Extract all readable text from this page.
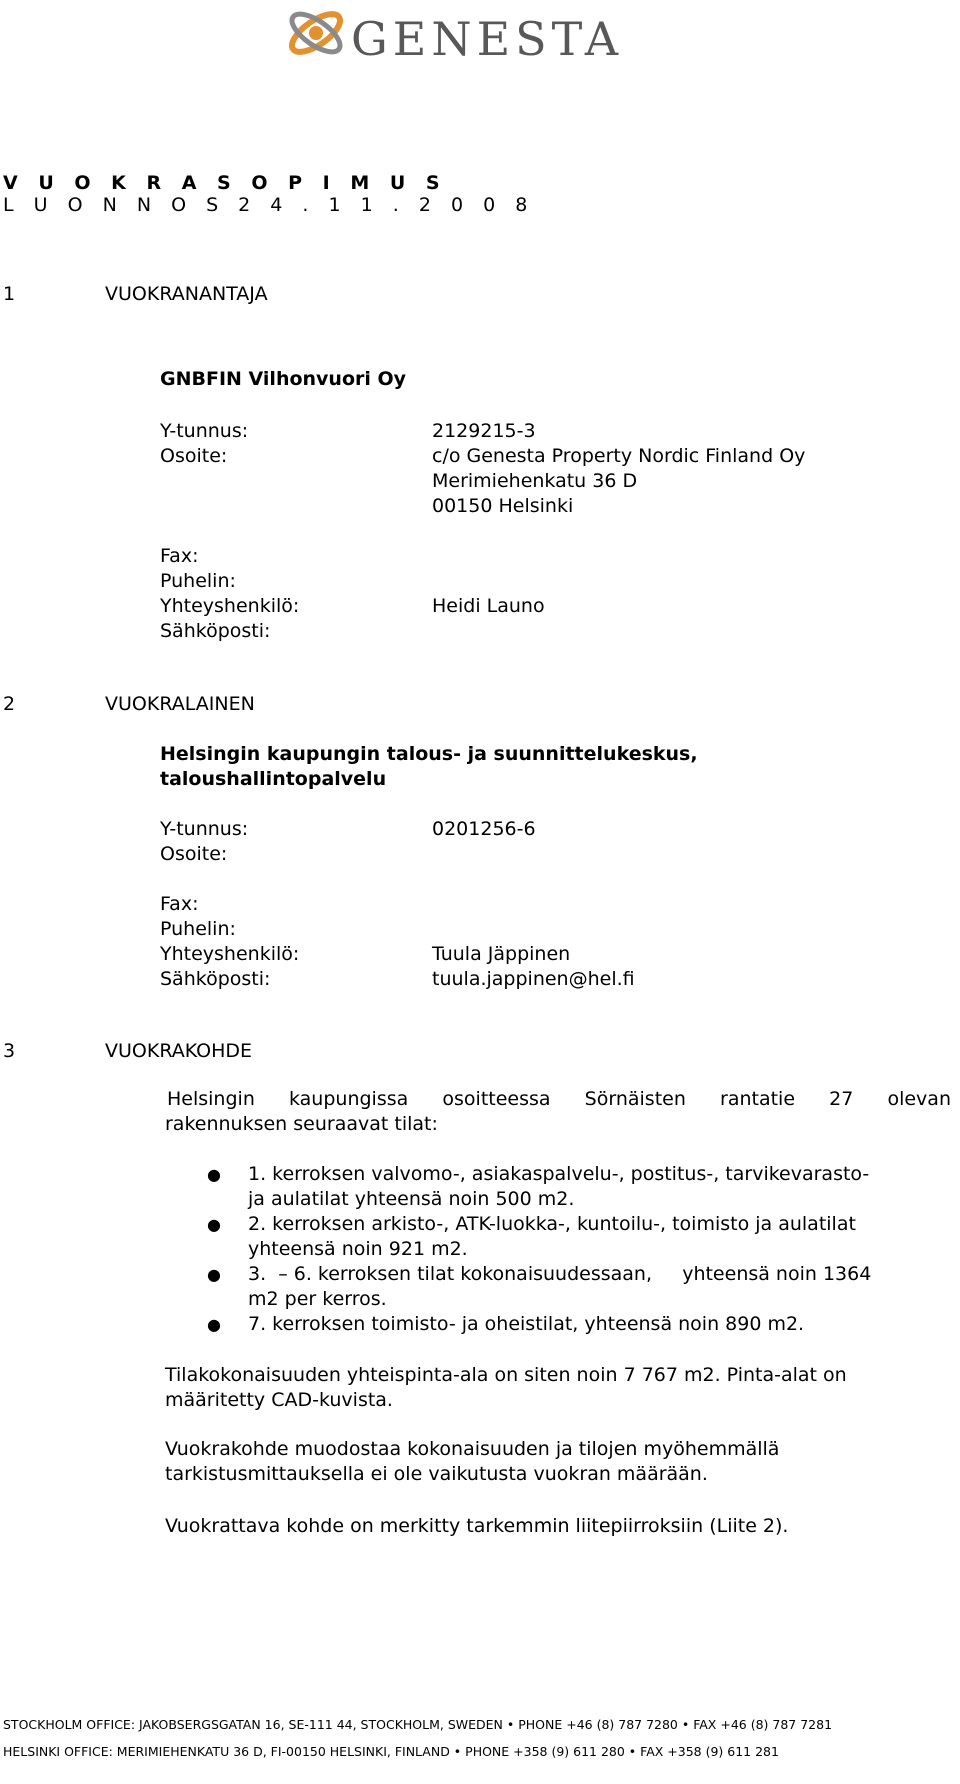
GENESTA
V U O K R A S O P I M U S
L U O N N O S 2 4 . 1 1 . 2 0 0 8
1	VUOKRANANTAJA
GNBFIN Vilhonvuori Oy
Y-tunnus:	2129215-3
Osoite:	c/o Genesta Property Nordic Finland Oy
Merimiehenkatu 36 D
00150 Helsinki
Fax:
Puhelin:
Yhteyshenkilö:	Heidi Launo
Sähköposti:
2	VUOKRALAINEN
Helsingin kaupungin talous- ja suunnittelukeskus,
taloushallintopalvelu
Y-tunnus:	0201256-6
Osoite:
Fax:
Puhelin:
Yhteyshenkilö:	Tuula Jäppinen
Sähköposti:	tuula.jappinen@hel.fi
3	VUOKRAKOHDE
Helsingin kaupungissa osoitteessa Sörnäisten rantatie 27 olevan
rakennuksen seuraavat tilat:
● 1. kerroksen valvomo-, asiakaspalvelu-, postitus-, tarvikevarasto-
ja aulatilat yhteensä noin 500 m2.
● 2. kerroksen arkisto-, ATK-luokka-, kuntoilu-, toimisto ja aulatilat
yhteensä noin 921 m2.
● 3.  – 6. kerroksen tilat kokonaisuudessaan,     yhteensä noin 1364
m2 per kerros.
● 7. kerroksen toimisto- ja oheistilat, yhteensä noin 890 m2.
Tilakokonaisuuden yhteispinta-ala on siten noin 7 767 m2. Pinta-alat on
määritetty CAD-kuvista.
Vuokrakohde muodostaa kokonaisuuden ja tilojen myöhemmällä
tarkistusmittauksella ei ole vaikutusta vuokran määrään.
Vuokrattava kohde on merkitty tarkemmin liitepiirroksiin (Liite 2).
STOCKHOLM OFFICE: JAKOBSERGSGATAN 16, SE-111 44, STOCKHOLM, SWEDEN • PHONE +46 (8) 787 7280 • FAX +46 (8) 787 7281
HELSINKI OFFICE: MERIMIEHENKATU 36 D, FI-00150 HELSINKI, FINLAND • PHONE +358 (9) 611 280 • FAX +358 (9) 611 281
